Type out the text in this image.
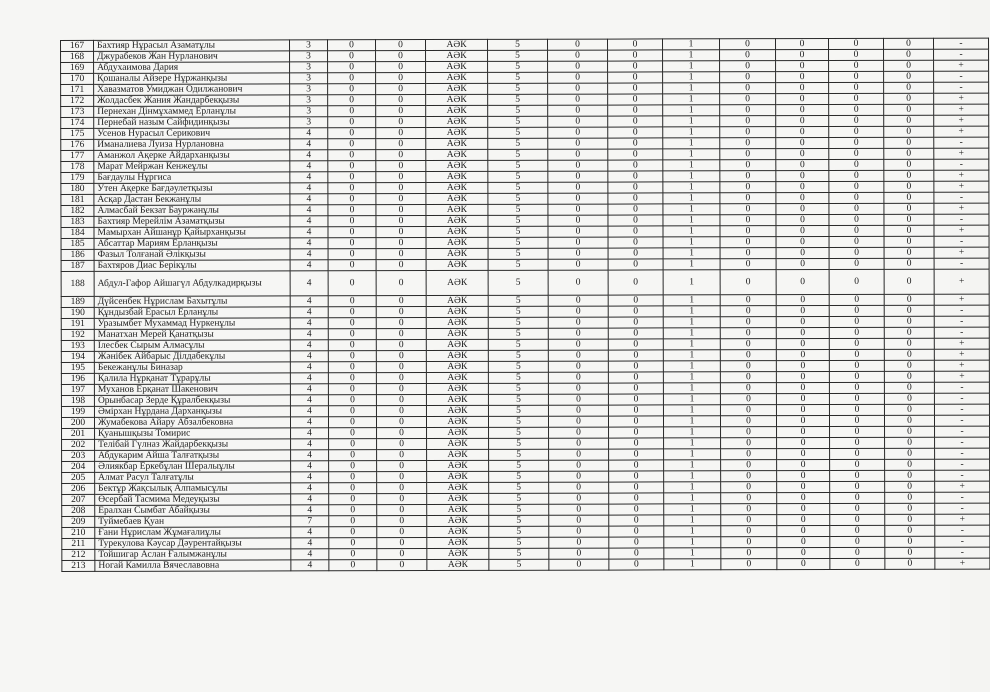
167	Бахтияр Нұрасыл Азаматұлы	3	0	0	АӘК	5	0	0	1	0	0	0	0	-
168	Джурабеков Жан Нурланович	3	0	0	АӘК	5	0	0	1	0	0	0	0	-
169	Абдухаимова Дария	3	0	0	АӘК	5	0	0	1	0	0	0	0	+
170	Қошаналы Айзере Нұржанқызы	3	0	0	АӘК	5	0	0	1	0	0	0	0	-
171	Хавазматов Умиджан Одилжанович	3	0	0	АӘК	5	0	0	1	0	0	0	0	-
172	Жолдасбек Жания Жандарбекқызы	3	0	0	АӘК	5	0	0	1	0	0	0	0	+
173	Пернехан Дінмұхаммед Ерланұлы	3	0	0	АӘК	5	0	0	1	0	0	0	0	+
174	Пернебай назым Сайфидинқызы	3	0	0	АӘК	5	0	0	1	0	0	0	0	+
175	Усенов Нурасыл Серикович	4	0	0	АӘК	5	0	0	1	0	0	0	0	+
176	Иманалиева Луиза Нурлановна	4	0	0	АӘК	5	0	0	1	0	0	0	0	-
177	Аманжол Ақерке Айдарханқызы	4	0	0	АӘК	5	0	0	1	0	0	0	0	+
178	Марат Мейржан Кенжеұлы	4	0	0	АӘК	5	0	0	1	0	0	0	0	-
179	Бағдаулы Нұргиса	4	0	0	АӘК	5	0	0	1	0	0	0	0	+
180	Утен Ақерке Бағдәулетқызы	4	0	0	АӘК	5	0	0	1	0	0	0	0	+
181	Асқар Дастан Бекжанұлы	4	0	0	АӘК	5	0	0	1	0	0	0	0	-
182	Алмасбай Бекзат Бауржанұлы	4	0	0	АӘК	5	0	0	1	0	0	0	0	+
183	Бахтияр Мерейлім Азаматқызы	4	0	0	АӘК	5	0	0	1	0	0	0	0	-
184	Мамырхан Айшанұр Қайырханқызы	4	0	0	АӘК	5	0	0	1	0	0	0	0	+
185	Абсаттар Мариям Ерланқызы	4	0	0	АӘК	5	0	0	1	0	0	0	0	-
186	Фазыл Толғанай Әлікқызы	4	0	0	АӘК	5	0	0	1	0	0	0	0	+
187	Бахтяров Диас Берікұлы	4	0	0	АӘК	5	0	0	1	0	0	0	0	-
188	Абдул-Гафор Айшагүл Абдулкадирқызы	4	0	0	АӘК	5	0	0	1	0	0	0	0	+
189	Дүйсенбек Нұрислам Бахытұлы	4	0	0	АӘК	5	0	0	1	0	0	0	0	+
190	Құндызбай Ерасыл Ерланұлы	4	0	0	АӘК	5	0	0	1	0	0	0	0	-
191	Уразымбет Мухаммад Нуркенұлы	4	0	0	АӘК	5	0	0	1	0	0	0	0	-
192	Манатхан Мерей Қанатқызы	4	0	0	АӘК	5	0	0	1	0	0	0	0	-
193	Ілесбек Сырым Алмасұлы	4	0	0	АӘК	5	0	0	1	0	0	0	0	+
194	Жәнібек Айбарыс Ділдабекұлы	4	0	0	АӘК	5	0	0	1	0	0	0	0	+
195	Бекежанұлы Биназар	4	0	0	АӘК	5	0	0	1	0	0	0	0	+
196	Қалила Нұрқанат Тұрарұлы	4	0	0	АӘК	5	0	0	1	0	0	0	0	+
197	Муханов Ерқанат Шакенович	4	0	0	АӘК	5	0	0	1	0	0	0	0	-
198	Орынбасар Зерде Құралбекқызы	4	0	0	АӘК	5	0	0	1	0	0	0	0	-
199	Әмірхан Нұрдана Дарханқызы	4	0	0	АӘК	5	0	0	1	0	0	0	0	-
200	Жумабекова Айару Абзалбековна	4	0	0	АӘК	5	0	0	1	0	0	0	0	-
201	Қуанышқызы Томирис	4	0	0	АӘК	5	0	0	1	0	0	0	0	-
202	Телібай Гүлназ Жайдарбекқызы	4	0	0	АӘК	5	0	0	1	0	0	0	0	-
203	Абдукарим Айша Талғатқызы	4	0	0	АӘК	5	0	0	1	0	0	0	0	-
204	Әлиякбар Еркебұлан Шералыұлы	4	0	0	АӘК	5	0	0	1	0	0	0	0	-
205	Алмат Расул Талғатұлы	4	0	0	АӘК	5	0	0	1	0	0	0	0	-
206	Бектұр Жақсылық Алпамысұлы	4	0	0	АӘК	5	0	0	1	0	0	0	0	+
207	Өсербай Тасмима Медеуқызы	4	0	0	АӘК	5	0	0	1	0	0	0	0	-
208	Ералхан Сымбат Абайқызы	4	0	0	АӘК	5	0	0	1	0	0	0	0	-
209	Туймебаев Қуан	7	0	0	АӘК	5	0	0	1	0	0	0	0	+
210	Ғани Нұрислам Жұмағалиұлы	4	0	0	АӘК	5	0	0	1	0	0	0	0	-
211	Турекулова Кәусар Дәурентайқызы	4	0	0	АӘК	5	0	0	1	0	0	0	0	-
212	Тойшигар Аслан Ғалымжанұлы	4	0	0	АӘК	5	0	0	1	0	0	0	0	-
213	Ногай Камилла Вячеславовна	4	0	0	АӘК	5	0	0	1	0	0	0	0	+
